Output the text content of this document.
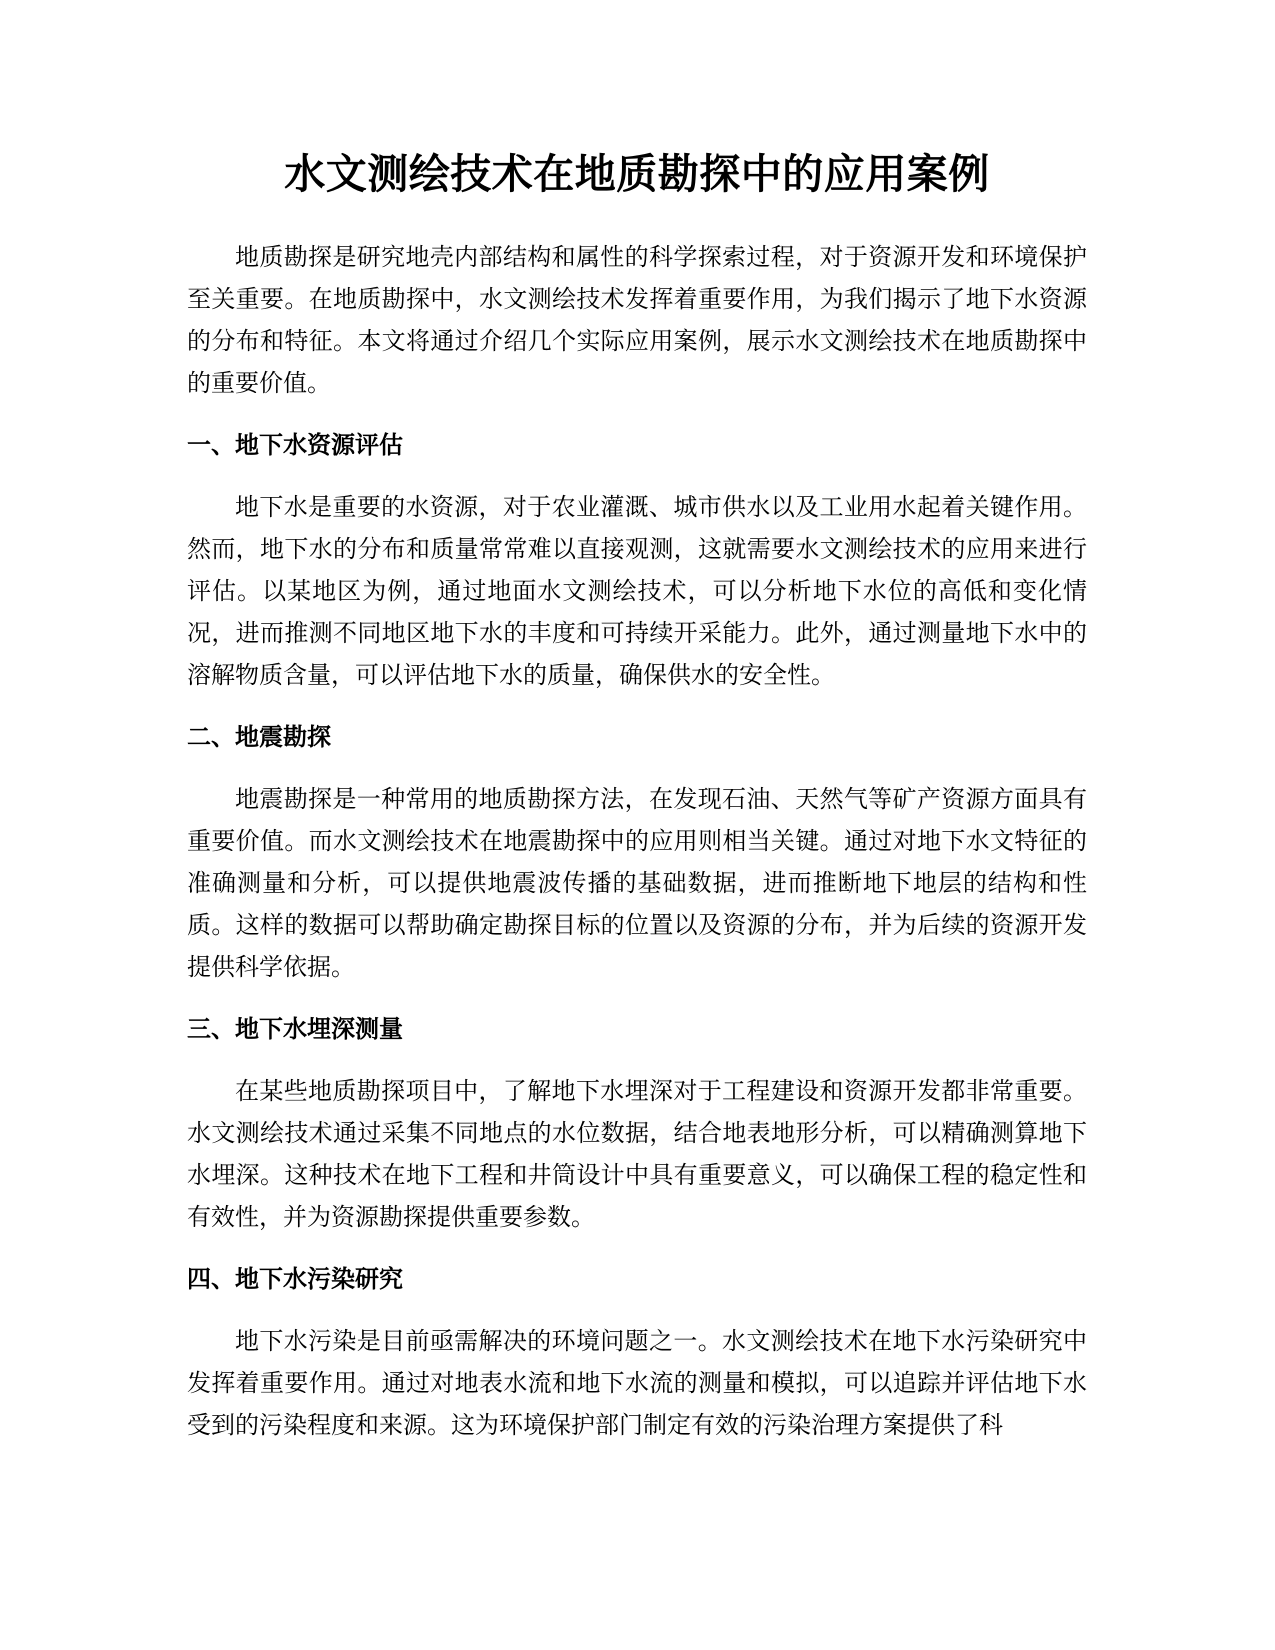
水文测绘技术在地质勘探中的应用案例

地质勘探是研究地壳内部结构和属性的科学探索过程，对于资源开发和环境保护至关重要。在地质勘探中，水文测绘技术发挥着重要作用，为我们揭示了地下水资源的分布和特征。本文将通过介绍几个实际应用案例，展示水文测绘技术在地质勘探中的重要价值。

一、地下水资源评估

地下水是重要的水资源，对于农业灌溉、城市供水以及工业用水起着关键作用。然而，地下水的分布和质量常常难以直接观测，这就需要水文测绘技术的应用来进行评估。以某地区为例，通过地面水文测绘技术，可以分析地下水位的高低和变化情况，进而推测不同地区地下水的丰度和可持续开采能力。此外，通过测量地下水中的溶解物质含量，可以评估地下水的质量，确保供水的安全性。

二、地震勘探

地震勘探是一种常用的地质勘探方法，在发现石油、天然气等矿产资源方面具有重要价值。而水文测绘技术在地震勘探中的应用则相当关键。通过对地下水文特征的准确测量和分析，可以提供地震波传播的基础数据，进而推断地下地层的结构和性质。这样的数据可以帮助确定勘探目标的位置以及资源的分布，并为后续的资源开发提供科学依据。

三、地下水埋深测量

在某些地质勘探项目中，了解地下水埋深对于工程建设和资源开发都非常重要。水文测绘技术通过采集不同地点的水位数据，结合地表地形分析，可以精确测算地下水埋深。这种技术在地下工程和井筒设计中具有重要意义，可以确保工程的稳定性和有效性，并为资源勘探提供重要参数。

四、地下水污染研究

地下水污染是目前亟需解决的环境问题之一。水文测绘技术在地下水污染研究中发挥着重要作用。通过对地表水流和地下水流的测量和模拟，可以追踪并评估地下水受到的污染程度和来源。这为环境保护部门制定有效的污染治理方案提供了科
